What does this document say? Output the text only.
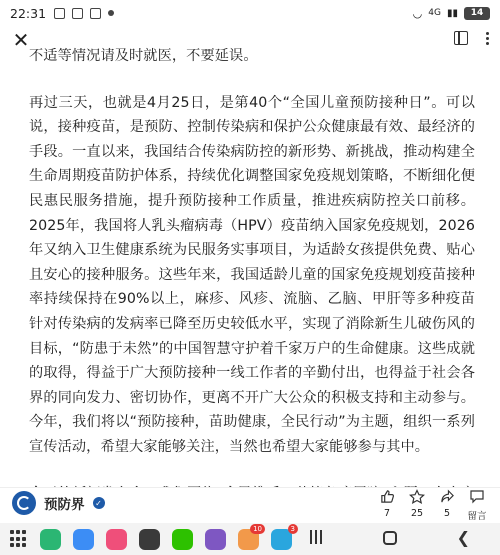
22:31	◡ 4G ▮▮	14
✕

不适等情况请及时就医，不要延误。

再过三天，也就是4月25日，是第40个“全国儿童预防接种日”。可以说，接种疫苗，是预防、控制传染病和保护公众健康最有效、最经济的手段。一直以来，我国结合传染病防控的新形势、新挑战，推动构建全生命周期疫苗防护体系，持续优化调整国家免疫规划策略，不断细化便民惠民服务措施，提升预防接种工作质量，推进疾病防控关口前移。2025年，我国将人乳头瘤病毒（HPV）疫苗纳入国家免疫规划，2026年又纳入卫生健康系统为民服务实事项目，为适龄女孩提供免费、贴心且安心的接种服务。这些年来，我国适龄儿童的国家免疫规划疫苗接种率持续保持在90%以上，麻疹、风疹、流脑、乙脑、甲肝等多种疫苗针对传染病的发病率已降至历史较低水平，实现了消除新生儿破伤风的目标，“防患于未然”的中国智慧守护着千家万户的生命健康。这些成就的取得，得益于广大预防接种一线工作者的辛勤付出，也得益于社会各界的同向发力、密切协作，更离不开广大公众的积极支持和主动参与。今年，我们将以“预防接种，苗助健康，全民行动”为主题，组织一系列宣传活动，希望大家能够关注，当然也希望大家能够参与其中。

预防界	✓
7 25 5 留言
10	3	❮
